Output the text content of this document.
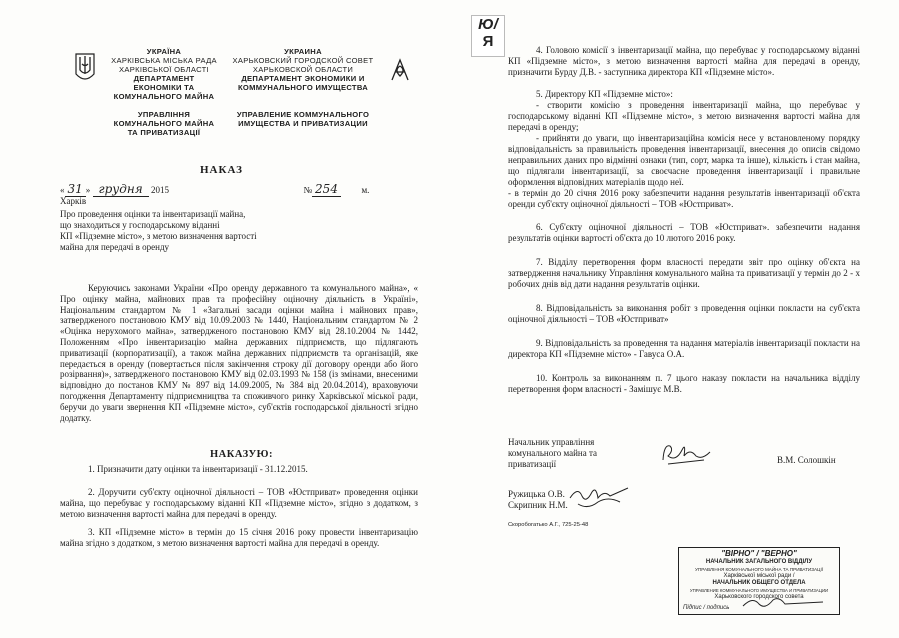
УКРАЇНА
ХАРКІВСЬКА МІСЬКА РАДА
ХАРКІВСЬКОЇ ОБЛАСТІ
ДЕПАРТАМЕНТ
ЕКОНОМІКИ ТА
КОМУНАЛЬНОГО МАЙНА
УПРАВЛІННЯ
КОМУНАЛЬНОГО МАЙНА
ТА ПРИВАТИЗАЦІЇ
УКРАИНА
ХАРЬКОВСКИЙ ГОРОДСКОЙ СОВЕТ
ХАРЬКОВСКОЙ ОБЛАСТИ
ДЕПАРТАМЕНТ ЭКОНОМИКИ И
КОММУНАЛЬНОГО ИМУЩЕСТВА
УПРАВЛЕНИЕ КОММУНАЛЬНОГО
ИМУЩЕСТВА И ПРИВАТИЗАЦИИ
Ю/
Я
НАКАЗ
« 31 » грудня 2015	№ 254	м. Харків
Про проведення оцінки та інвентаризації майна,
що знаходиться у господарському віданні
КП «Підземне місто», з метою визначення вартості
майна для передачі в оренду

Керуючись законами України «Про оренду державного та комунального майна», « Про оцінку майна, майнових прав та професійну оціночну діяльність в Україні», Національним стандартом № 1 «Загальні засади оцінки майна і майнових прав», затвердженого постановою КМУ від 10.09.2003 № 1440, Національним стандартом № 2 «Оцінка нерухомого майна», затвердженого постановою КМУ від 28.10.2004 № 1442, Положенням «Про інвентаризацію майна державних підприємств, що підлягають приватизації (корпоратизації), а також майна державних підприємств та організацій, яке передається в оренду (повертається після закінчення строку дії договору оренди або його розірвання)», затвердженого постановою КМУ від 02.03.1993 № 158 (із змінами, внесеними відповідно до постанов КМУ № 897 від 14.09.2005, № 384 від 20.04.2014), враховуючи погодження Департаменту підприємництва та споживчого ринку Харківської міської ради, беручи до уваги звернення КП «Підземне місто», суб'єктів господарської діяльності згідно додатку.

НАКАЗУЮ:

1. Призначити дату оцінки та інвентаризації - 31.12.2015.

2. Доручити суб'єкту оціночної діяльності – ТОВ «Юстприват» проведення оцінки майна, що перебуває у господарському віданні КП «Підземне місто», згідно з додатком, з метою визначення вартості майна для передачі в оренду.

3. КП «Підземне місто» в термін до 15 січня 2016 року провести інвентаризацію майна згідно з додатком, з метою визначення вартості майна для передачі в оренду.

4. Головою комісії з інвентаризації майна, що перебуває у господарському віданні КП «Підземне місто», з метою визначення вартості майна для передачі в оренду, призначити Бурду Д.В. - заступника директора КП «Підземне місто».

5. Директору КП «Підземне місто»:

- створити комісію з проведення інвентаризації майна, що перебуває у господарському віданні КП «Підземне місто», з метою визначення вартості майна для передачі в оренду;

- прийняти до уваги, що інвентаризаційна комісія несе у встановленому порядку відповідальність за правильність проведення інвентаризації, внесення до описів свідомо неправильних даних про відмінні ознаки (тип, сорт, марка та інше), кількість і стан майна, що підлягали інвентаризації, за своєчасне проведення інвентаризації і правильне оформлення відповідних матеріалів щодо неї.

- в термін до 20 січня 2016 року забезпечити надання результатів інвентаризації об'єкта оренди суб'єкту оціночної діяльності – ТОВ «Юстприват».

6. Суб'єкту оціночної діяльності – ТОВ «Юстприват». забезпечити надання результатів оцінки вартості об'єкта до 10 лютого 2016 року.

7. Відділу перетворення форм власності передати звіт про оцінку об'єкта на затвердження начальнику Управління комунального майна та приватизації у термін до 2 - х робочих днів від дати надання результатів оцінки.

8. Відповідальність за виконання робіт з проведення оцінки покласти на суб'єкта оціночної діяльності – ТОВ «Юстприват»

9. Відповідальність за проведення та надання матеріалів інвентаризації покласти на директора КП «Підземне місто» - Гавуса О.А.

10. Контроль за виконанням п. 7 цього наказу покласти на начальника відділу перетворення форм власності - Замішує М.В.

Начальник управління
комунального майна та
приватизації	В.М. Солошкін
Ружицька О.В.
Скрипник Н.М.
Скоробогатько А.Г., 725-25-48
"ВІРНО" / "ВЕРНО"
НАЧАЛЬНИК ЗАГАЛЬНОГО ВІДДІЛУ
УПРАВЛІННЯ КОМУНАЛЬНОГО МАЙНА ТА ПРИВАТИЗАЦІЇ
Харківської міської ради /
НАЧАЛЬНИК ОБЩЕГО ОТДЕЛА
УПРАВЛЕНИЕ КОММУНАЛЬНОГО ИМУЩЕСТВА И ПРИВАТИЗАЦИИ
Харьковского городского совета
Підпис / подпись
